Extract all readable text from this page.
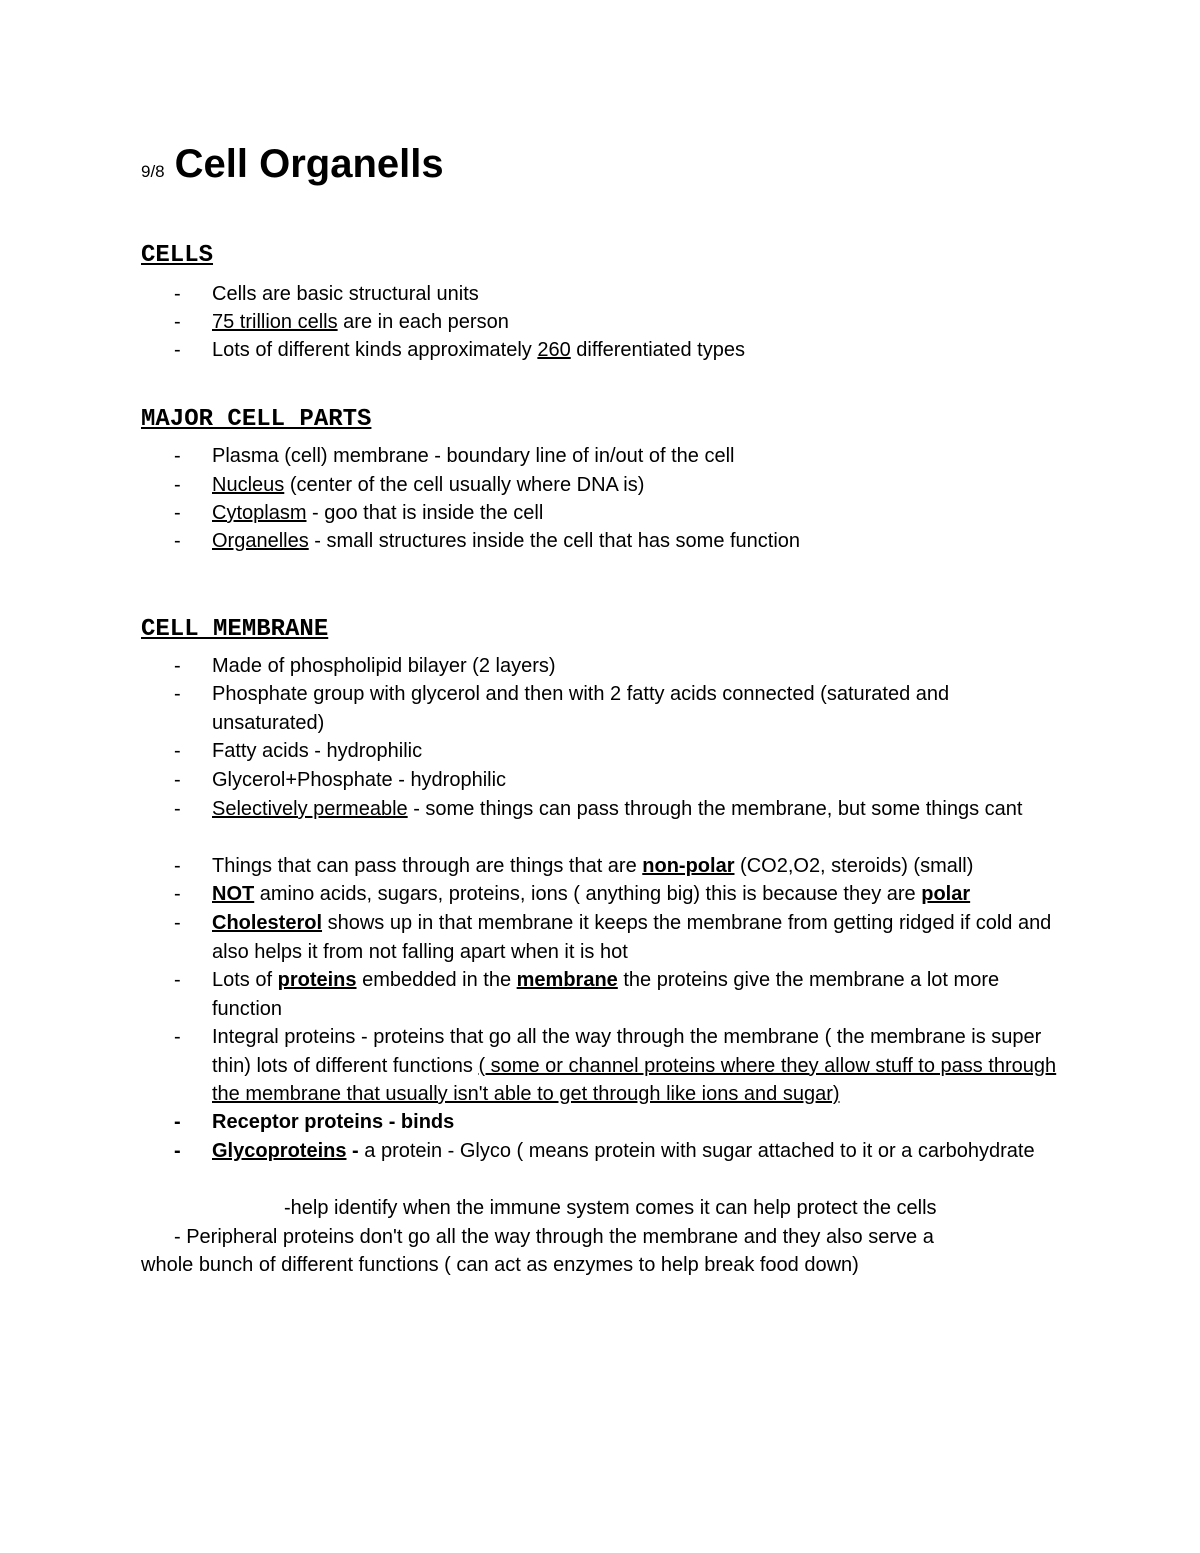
9/8 Cell Organells
CELLS
- Cells are basic structural units
- 75 trillion cells are in each person
- Lots of different kinds approximately 260 differentiated types
MAJOR CELL PARTS
- Plasma (cell) membrane - boundary line of in/out of the cell
- Nucleus (center of the cell usually where DNA is)
- Cytoplasm - goo that is inside the cell
- Organelles - small structures inside the cell that has some function
CELL MEMBRANE
- Made of phospholipid bilayer (2 layers)
- Phosphate group with glycerol and then with 2 fatty acids connected (saturated and unsaturated)
- Fatty acids - hydrophilic
- Glycerol+Phosphate - hydrophilic
- Selectively permeable - some things can pass through the membrane, but some things cant
- Things that can pass through are things that are non-polar (CO2,O2, steroids) (small)
- NOT amino acids, sugars, proteins, ions ( anything big) this is because they are polar
- Cholesterol shows up in that membrane it keeps the membrane from getting ridged if cold and also helps it from not falling apart when it is hot
- Lots of proteins embedded in the membrane the proteins give the membrane a lot more function
- Integral proteins - proteins that go all the way through the membrane ( the membrane is super thin) lots of different functions ( some or channel proteins where they allow stuff to pass through the membrane that usually isn't able to get through like ions and sugar)
- Receptor proteins - binds
- Glycoproteins - a protein - Glyco ( means protein with sugar attached to it or a carbohydrate
-help identify when the immune system comes it can help protect the cells
- Peripheral proteins don't go all the way through the membrane and they also serve a
whole bunch of different functions ( can act as enzymes to help break food down)
